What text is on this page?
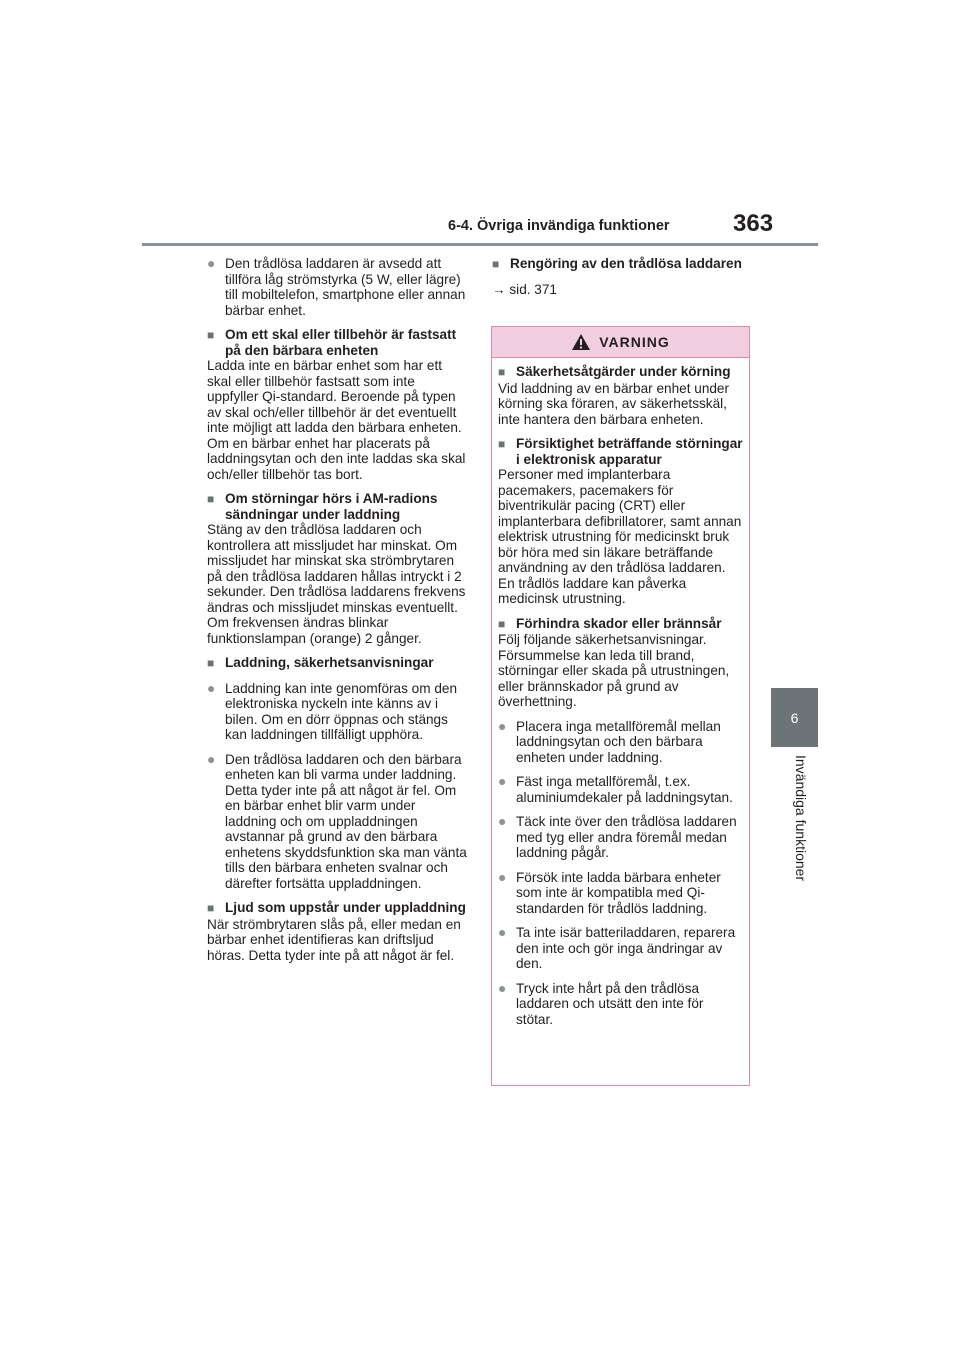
6-4. Övriga invändiga funktioner	363
6
Invändiga funktioner
● Den trådlösa laddaren är avsedd att tillföra låg strömstyrka (5 W, eller lägre) till mobiltelefon, smartphone eller annan bärbar enhet.
■ Om ett skal eller tillbehör är fastsatt på den bärbara enheten
Ladda inte en bärbar enhet som har ett skal eller tillbehör fastsatt som inte uppfyller Qi-standard. Beroende på typen av skal och/eller tillbehör är det eventuellt inte möjligt att ladda den bärbara enheten. Om en bärbar enhet har placerats på laddningsytan och den inte laddas ska skal och/eller tillbehör tas bort.
■ Om störningar hörs i AM-radions sändningar under laddning
Stäng av den trådlösa laddaren och kontrollera att missljudet har minskat. Om missljudet har minskat ska strömbrytaren på den trådlösa laddaren hållas intryckt i 2 sekunder. Den trådlösa laddarens frekvens ändras och missljudet minskas eventuellt. Om frekvensen ändras blinkar funktionslampan (orange) 2 gånger.
■ Laddning, säkerhetsanvisningar
● Laddning kan inte genomföras om den elektroniska nyckeln inte känns av i bilen. Om en dörr öppnas och stängs kan laddningen tillfälligt upphöra.
● Den trådlösa laddaren och den bärbara enheten kan bli varma under laddning.
Detta tyder inte på att något är fel. Om en bärbar enhet blir varm under laddning och om uppladdningen avstannar på grund av den bärbara enhetens skyddsfunktion ska man vänta tills den bärbara enheten svalnar och därefter fortsätta uppladdningen.
■ Ljud som uppstår under uppladdning
När strömbrytaren slås på, eller medan en bärbar enhet identifieras kan driftsljud höras. Detta tyder inte på att något är fel.
■ Rengöring av den trådlösa laddaren
→ sid. 371
VARNING
■ Säkerhetsåtgärder under körning
Vid laddning av en bärbar enhet under körning ska föraren, av säkerhetsskäl, inte hantera den bärbara enheten.
■ Försiktighet beträffande störningar i elektronisk apparatur
Personer med implanterbara pacemakers, pacemakers för biventrikulär pacing (CRT) eller implanterbara defibrillatorer, samt annan elektrisk utrustning för medicinskt bruk bör höra med sin läkare beträffande användning av den trådlösa laddaren. En trådlös laddare kan påverka medicinsk utrustning.
■ Förhindra skador eller brännsår
Följ följande säkerhetsanvisningar. Försummelse kan leda till brand, störningar eller skada på utrustningen, eller brännskador på grund av överhettning.
● Placera inga metallföremål mellan laddningsytan och den bärbara enheten under laddning.
● Fäst inga metallföremål, t.ex. aluminiumdekaler på laddningsytan.
● Täck inte över den trådlösa laddaren med tyg eller andra föremål medan laddning pågår.
● Försök inte ladda bärbara enheter som inte är kompatibla med Qi-standarden för trådlös laddning.
● Ta inte isär batteriladdaren, reparera den inte och gör inga ändringar av den.
● Tryck inte hårt på den trådlösa laddaren och utsätt den inte för stötar.
